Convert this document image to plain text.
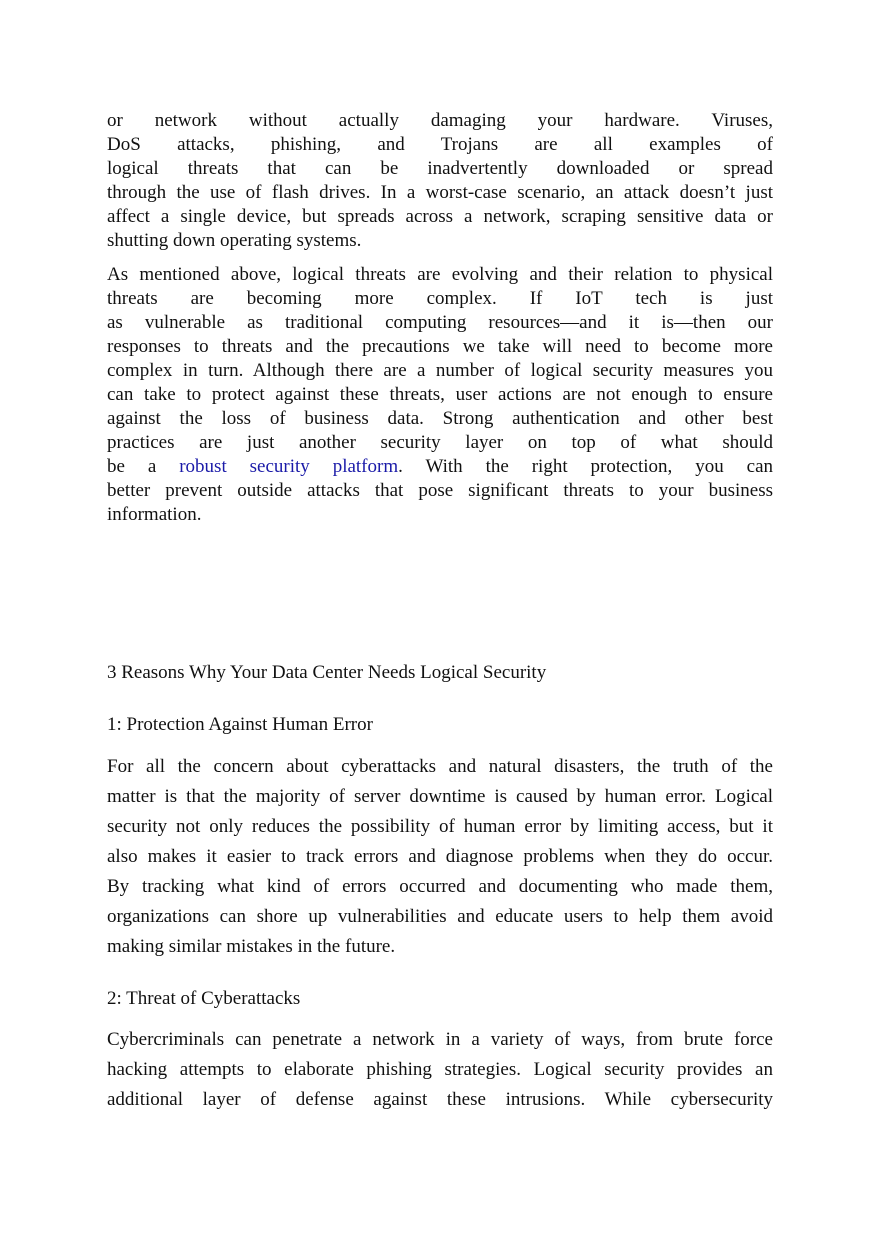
or network without actually damaging your hardware. Viruses,
DoS attacks, phishing, and Trojans are all examples of
logical threats that can be inadvertently downloaded or spread
through the use of flash drives. In a worst-case scenario, an attack doesn’t just
affect a single device, but spreads across a network, scraping sensitive data or
shutting down operating systems.

As mentioned above, logical threats are evolving and their relation to physical
threats are becoming more complex. If IoT tech is just
as vulnerable as traditional computing resources—and it is—then our
responses to threats and the precautions we take will need to become more
complex in turn. Although there are a number of logical security measures you
can take to protect against these threats, user actions are not enough to ensure
against the loss of business data. Strong authentication and other best
practices are just another security layer on top of what should
be a robust security platform. With the right protection, you can
better prevent outside attacks that pose significant threats to your business
information.

3 Reasons Why Your Data Center Needs Logical Security
1: Protection Against Human Error

For all the concern about cyberattacks and natural disasters, the truth of the
matter is that the majority of server downtime is caused by human error. Logical
security not only reduces the possibility of human error by limiting access, but it
also makes it easier to track errors and diagnose problems when they do occur.
By tracking what kind of errors occurred and documenting who made them,
organizations can shore up vulnerabilities and educate users to help them avoid
making similar mistakes in the future.

2: Threat of Cyberattacks

Cybercriminals can penetrate a network in a variety of ways, from brute force
hacking attempts to elaborate phishing strategies. Logical security provides an
additional layer of defense against these intrusions. While cybersecurity
